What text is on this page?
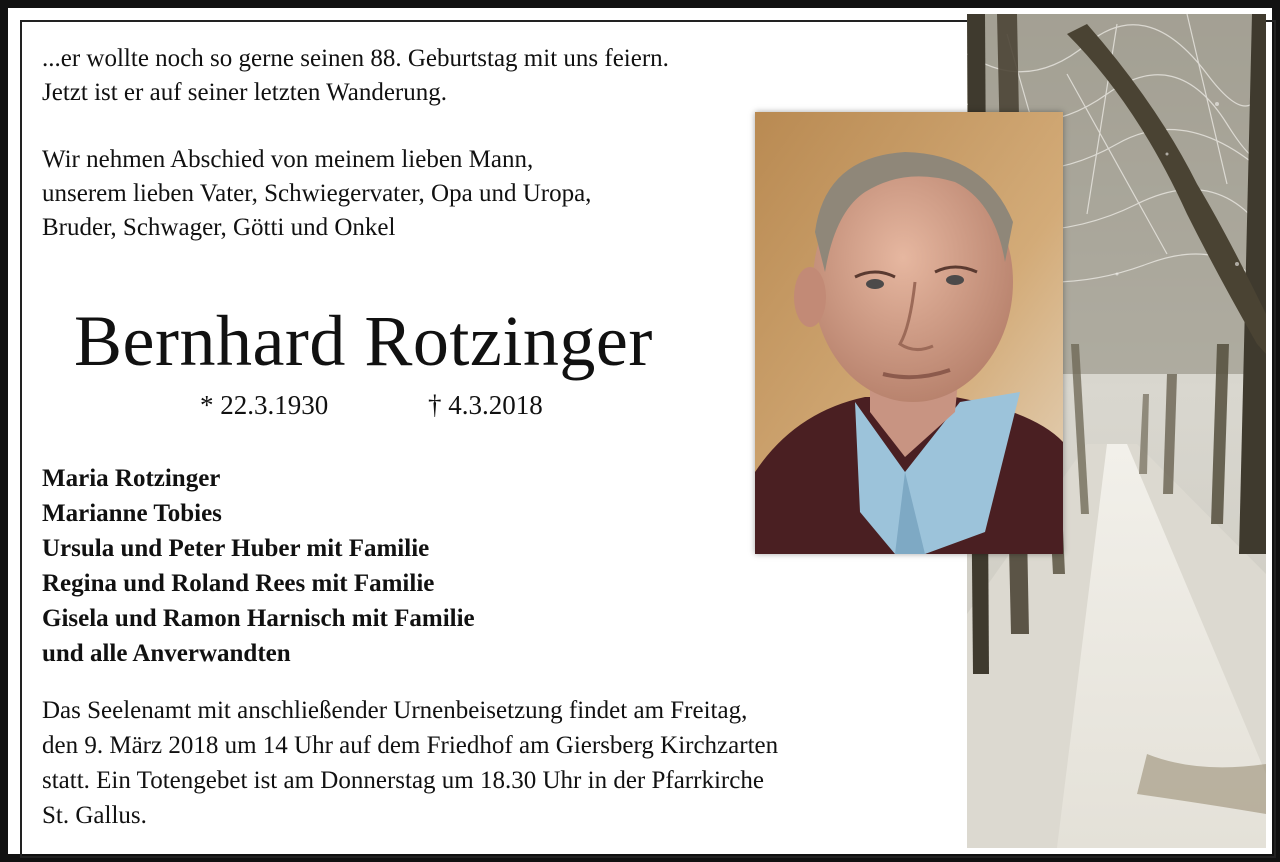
...er wollte noch so gerne seinen 88. Geburtstag mit uns feiern.
Jetzt ist er auf seiner letzten Wanderung.
Wir nehmen Abschied von meinem lieben Mann,
unserem lieben Vater, Schwiegervater, Opa und Uropa,
Bruder, Schwager, Götti und Onkel
Bernhard Rotzinger
* 22.3.1930	† 4.3.2018
Maria Rotzinger
Marianne Tobies
Ursula und Peter Huber mit Familie
Regina und Roland Rees mit Familie
Gisela und Ramon Harnisch mit Familie
und alle Anverwandten
Das Seelenamt mit anschließender Urnenbeisetzung findet am Freitag,
den 9. März 2018 um 14 Uhr auf dem Friedhof am Giersberg Kirchzarten
statt. Ein Totengebet ist am Donnerstag um 18.30 Uhr in der Pfarrkirche
St. Gallus.
